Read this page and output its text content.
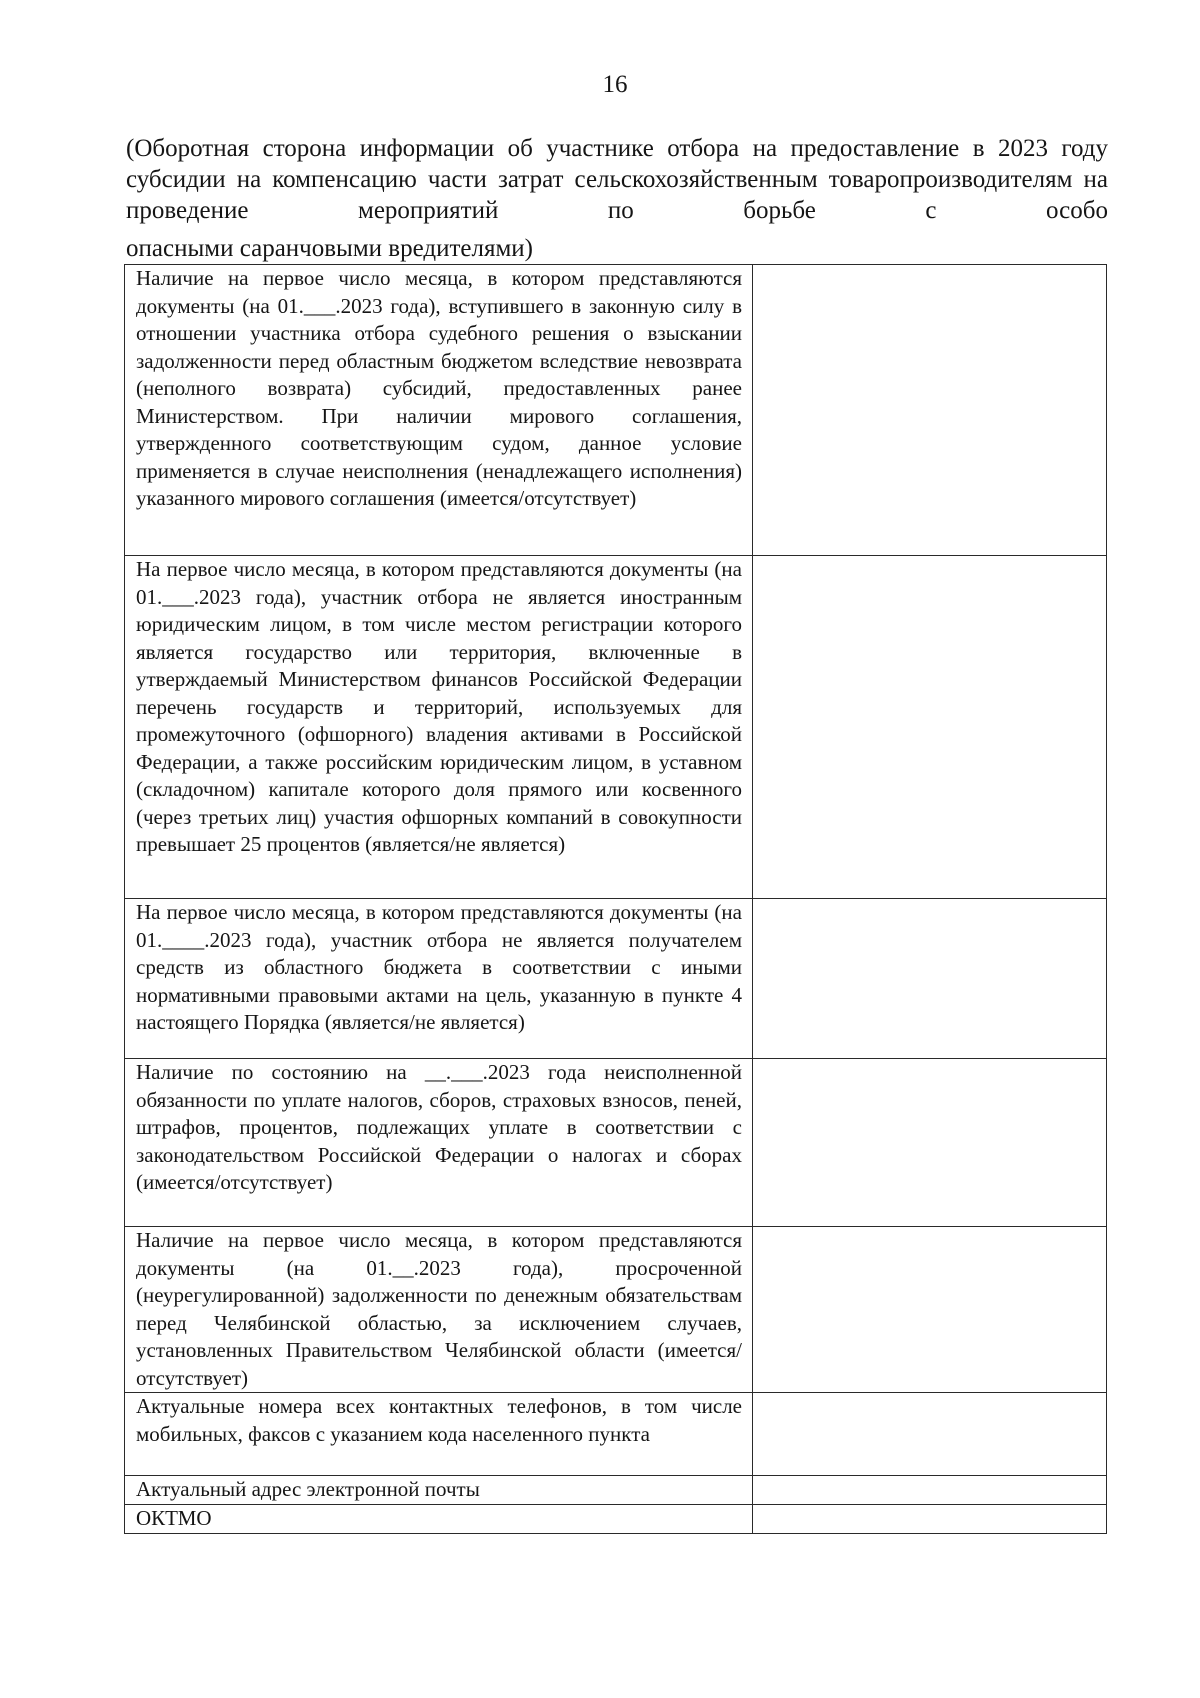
16
(Оборотная сторона информации об участнике отбора на предоставление в 2023 году субсидии на компенсацию части затрат сельскохозяйственным товаропроизводителям на проведение мероприятий по борьбе с особо
опасными саранчовыми вредителями)
Наличие на первое число месяца, в котором представляются документы (на 01.___.2023 года), вступившего в законную силу в отношении участника отбора судебного решения о взыскании задолженности перед областным бюджетом вследствие невозврата (неполного возврата) субсидий, предоставленных ранее Министерством. При наличии мирового соглашения, утвержденного соответствующим судом, данное условие применяется в случае неисполнения (ненадлежащего исполнения) указанного мирового соглашения (имеется/отсутствует)	
На первое число месяца, в котором представляются документы (на 01.___.2023 года), участник отбора не является иностранным юридическим лицом, в том числе местом регистрации которого является государство или территория, включенные в утверждаемый Министерством финансов Российской Федерации перечень государств и территорий, используемых для промежуточного (офшорного) владения активами в Российской Федерации, а также российским юридическим лицом, в уставном (складочном) капитале которого доля прямого или косвенного (через третьих лиц) участия офшорных компаний в совокупности превышает 25 процентов (является/не является)	
На первое число месяца, в котором представляются документы (на 01.____.2023 года), участник отбора не является получателем средств из областного бюджета в соответствии с иными нормативными правовыми актами на цель, указанную в пункте 4 настоящего Порядка (является/не является)	
Наличие по состоянию на __.___.2023 года неисполненной обязанности по уплате налогов, сборов, страховых взносов, пеней, штрафов, процентов, подлежащих уплате в соответствии с законодательством Российской Федерации о налогах и сборах (имеется/отсутствует)	
Наличие на первое число месяца, в котором представляются документы (на 01.__.2023 года), просроченной (неурегулированной) задолженности по денежным обязательствам перед Челябинской областью, за исключением случаев, установленных Правительством Челябинской области (имеется/отсутствует)	
Актуальные номера всех контактных телефонов, в том числе мобильных, факсов с указанием кода населенного пункта	
Актуальный адрес электронной почты	
ОКТМО	
